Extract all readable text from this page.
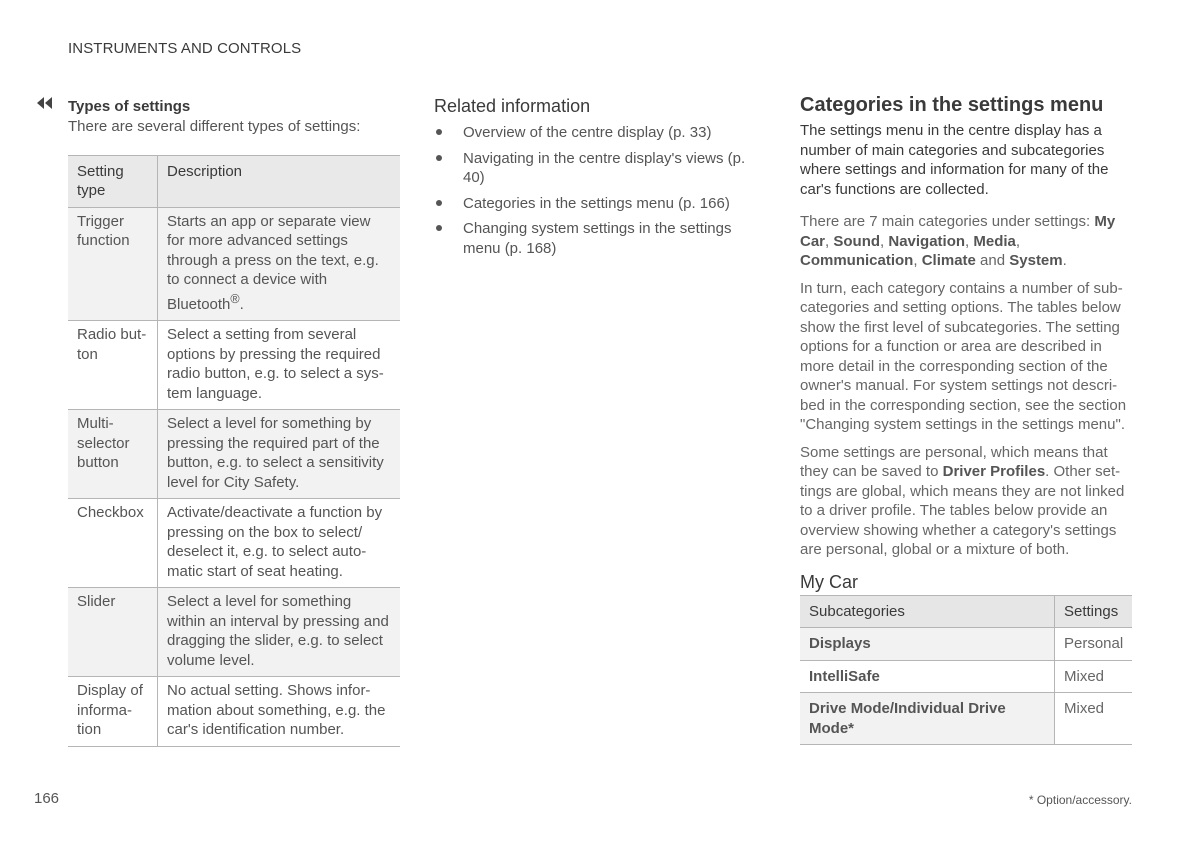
INSTRUMENTS AND CONTROLS
Types of settings

There are several different types of settings:

Setting type	Description
Trigger function	Starts an app or separate view for more advanced settings through a press on the text, e.g. to connect a device with Bluetooth®.
Radio but-ton	Select a setting from several options by pressing the required radio button, e.g. to select a sys-tem language.
Multi-selector button	Select a level for something by pressing the required part of the button, e.g. to select a sensitivity level for City Safety.
Checkbox	Activate/deactivate a function by pressing on the box to select/ deselect it, e.g. to select auto-matic start of seat heating.
Slider	Select a level for something within an interval by pressing and dragging the slider, e.g. to select volume level.
Display of informa-tion	No actual setting. Shows infor-mation about something, e.g. the car's identification number.
Related information
Overview of the centre display (p. 33)
Navigating in the centre display's views (p. 40)
Categories in the settings menu (p. 166)
Changing system settings in the settings menu (p. 168)
Categories in the settings menu

The settings menu in the centre display has a number of main categories and subcategories where settings and information for many of the car's functions are collected.

There are 7 main categories under settings: My Car, Sound, Navigation, Media, Communication, Climate and System.

In turn, each category contains a number of sub-categories and setting options. The tables below show the first level of subcategories. The setting options for a function or area are described in more detail in the corresponding section of the owner's manual. For system settings not descri-bed in the corresponding section, see the section "Changing system settings in the settings menu".

Some settings are personal, which means that they can be saved to Driver Profiles. Other set-tings are global, which means they are not linked to a driver profile. The tables below provide an overview showing whether a category's settings are personal, global or a mixture of both.

My Car
Subcategories	Settings
Displays	Personal
IntelliSafe	Mixed
Drive Mode/Individual Drive Mode*	Mixed
166	* Option/accessory.
